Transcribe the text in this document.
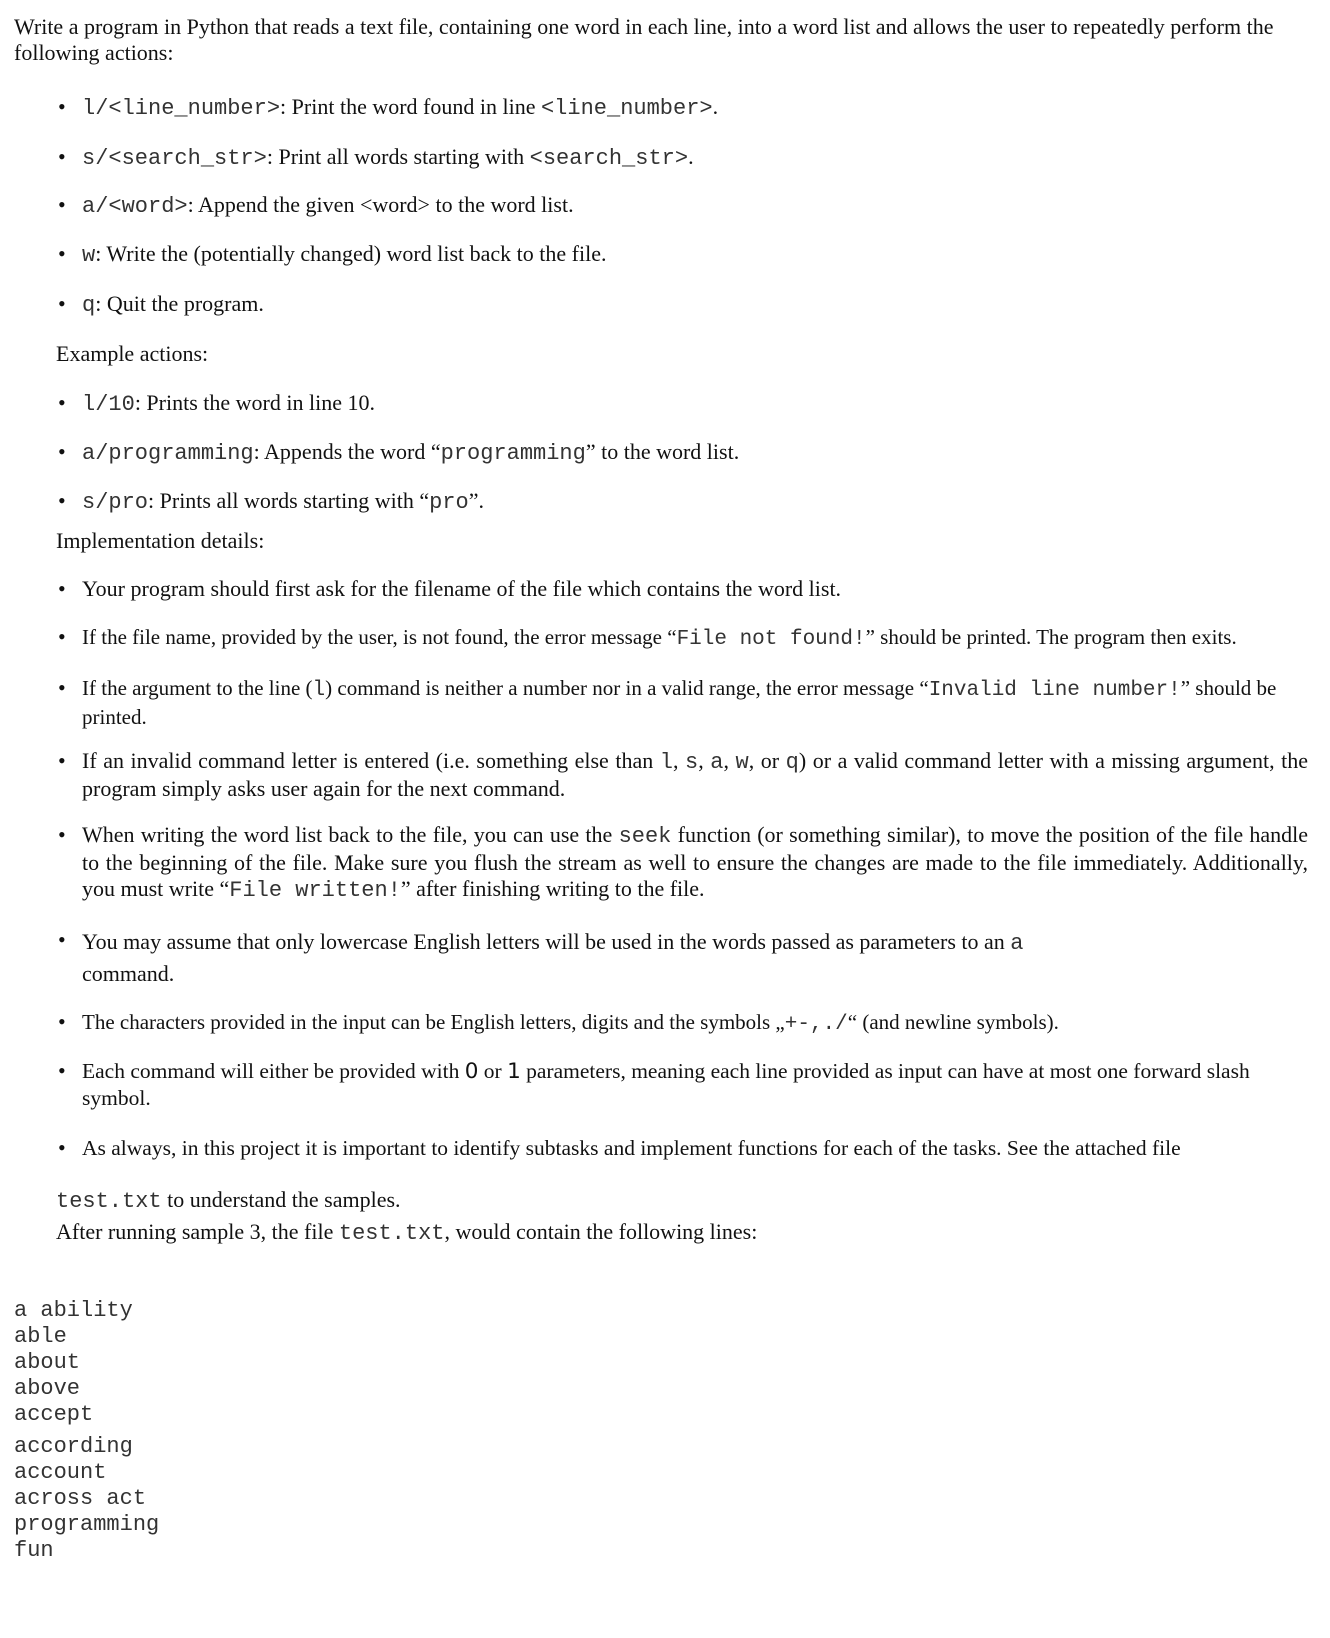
Write a program in Python that reads a text file, containing one word in each line, into a word list and allows the user to repeatedly perform the following actions:
• l/<line_number>: Print the word found in line <line_number>.
• s/<search_str>: Print all words starting with <search_str>.
• a/<word>: Append the given <word> to the word list.
• w: Write the (potentially changed) word list back to the file.
• q: Quit the program.
Example actions:
• l/10: Prints the word in line 10.
• a/programming: Appends the word “programming” to the word list.
• s/pro: Prints all words starting with “pro”.
Implementation details:
• Your program should first ask for the filename of the file which contains the word list.
• If the file name, provided by the user, is not found, the error message “File not found!” should be printed. The program then exits.
• If the argument to the line (l) command is neither a number nor in a valid range, the error message “Invalid line number!” should be printed.
• If an invalid command letter is entered (i.e. something else than l, s, a, w, or q) or a valid command letter with a missing argument, the program simply asks user again for the next command.
• When writing the word list back to the file, you can use the seek function (or something similar), to move the position of the file handle to the beginning of the file. Make sure you flush the stream as well to ensure the changes are made to the file immediately. Additionally, you must write “File written!” after finishing writing to the file.
• You may assume that only lowercase English letters will be used in the words passed as parameters to an a
command.
• The characters provided in the input can be English letters, digits and the symbols „+-,./“ (and newline symbols).
• Each command will either be provided with 0 or 1 parameters, meaning each line provided as input can have at most one forward slash symbol.
• As always, in this project it is important to identify subtasks and implement functions for each of the tasks. See the attached file
test.txt to understand the samples.
After running sample 3, the file test.txt, would contain the following lines:
a ability
able
about
above
accept
according
account
across act
programming
fun
